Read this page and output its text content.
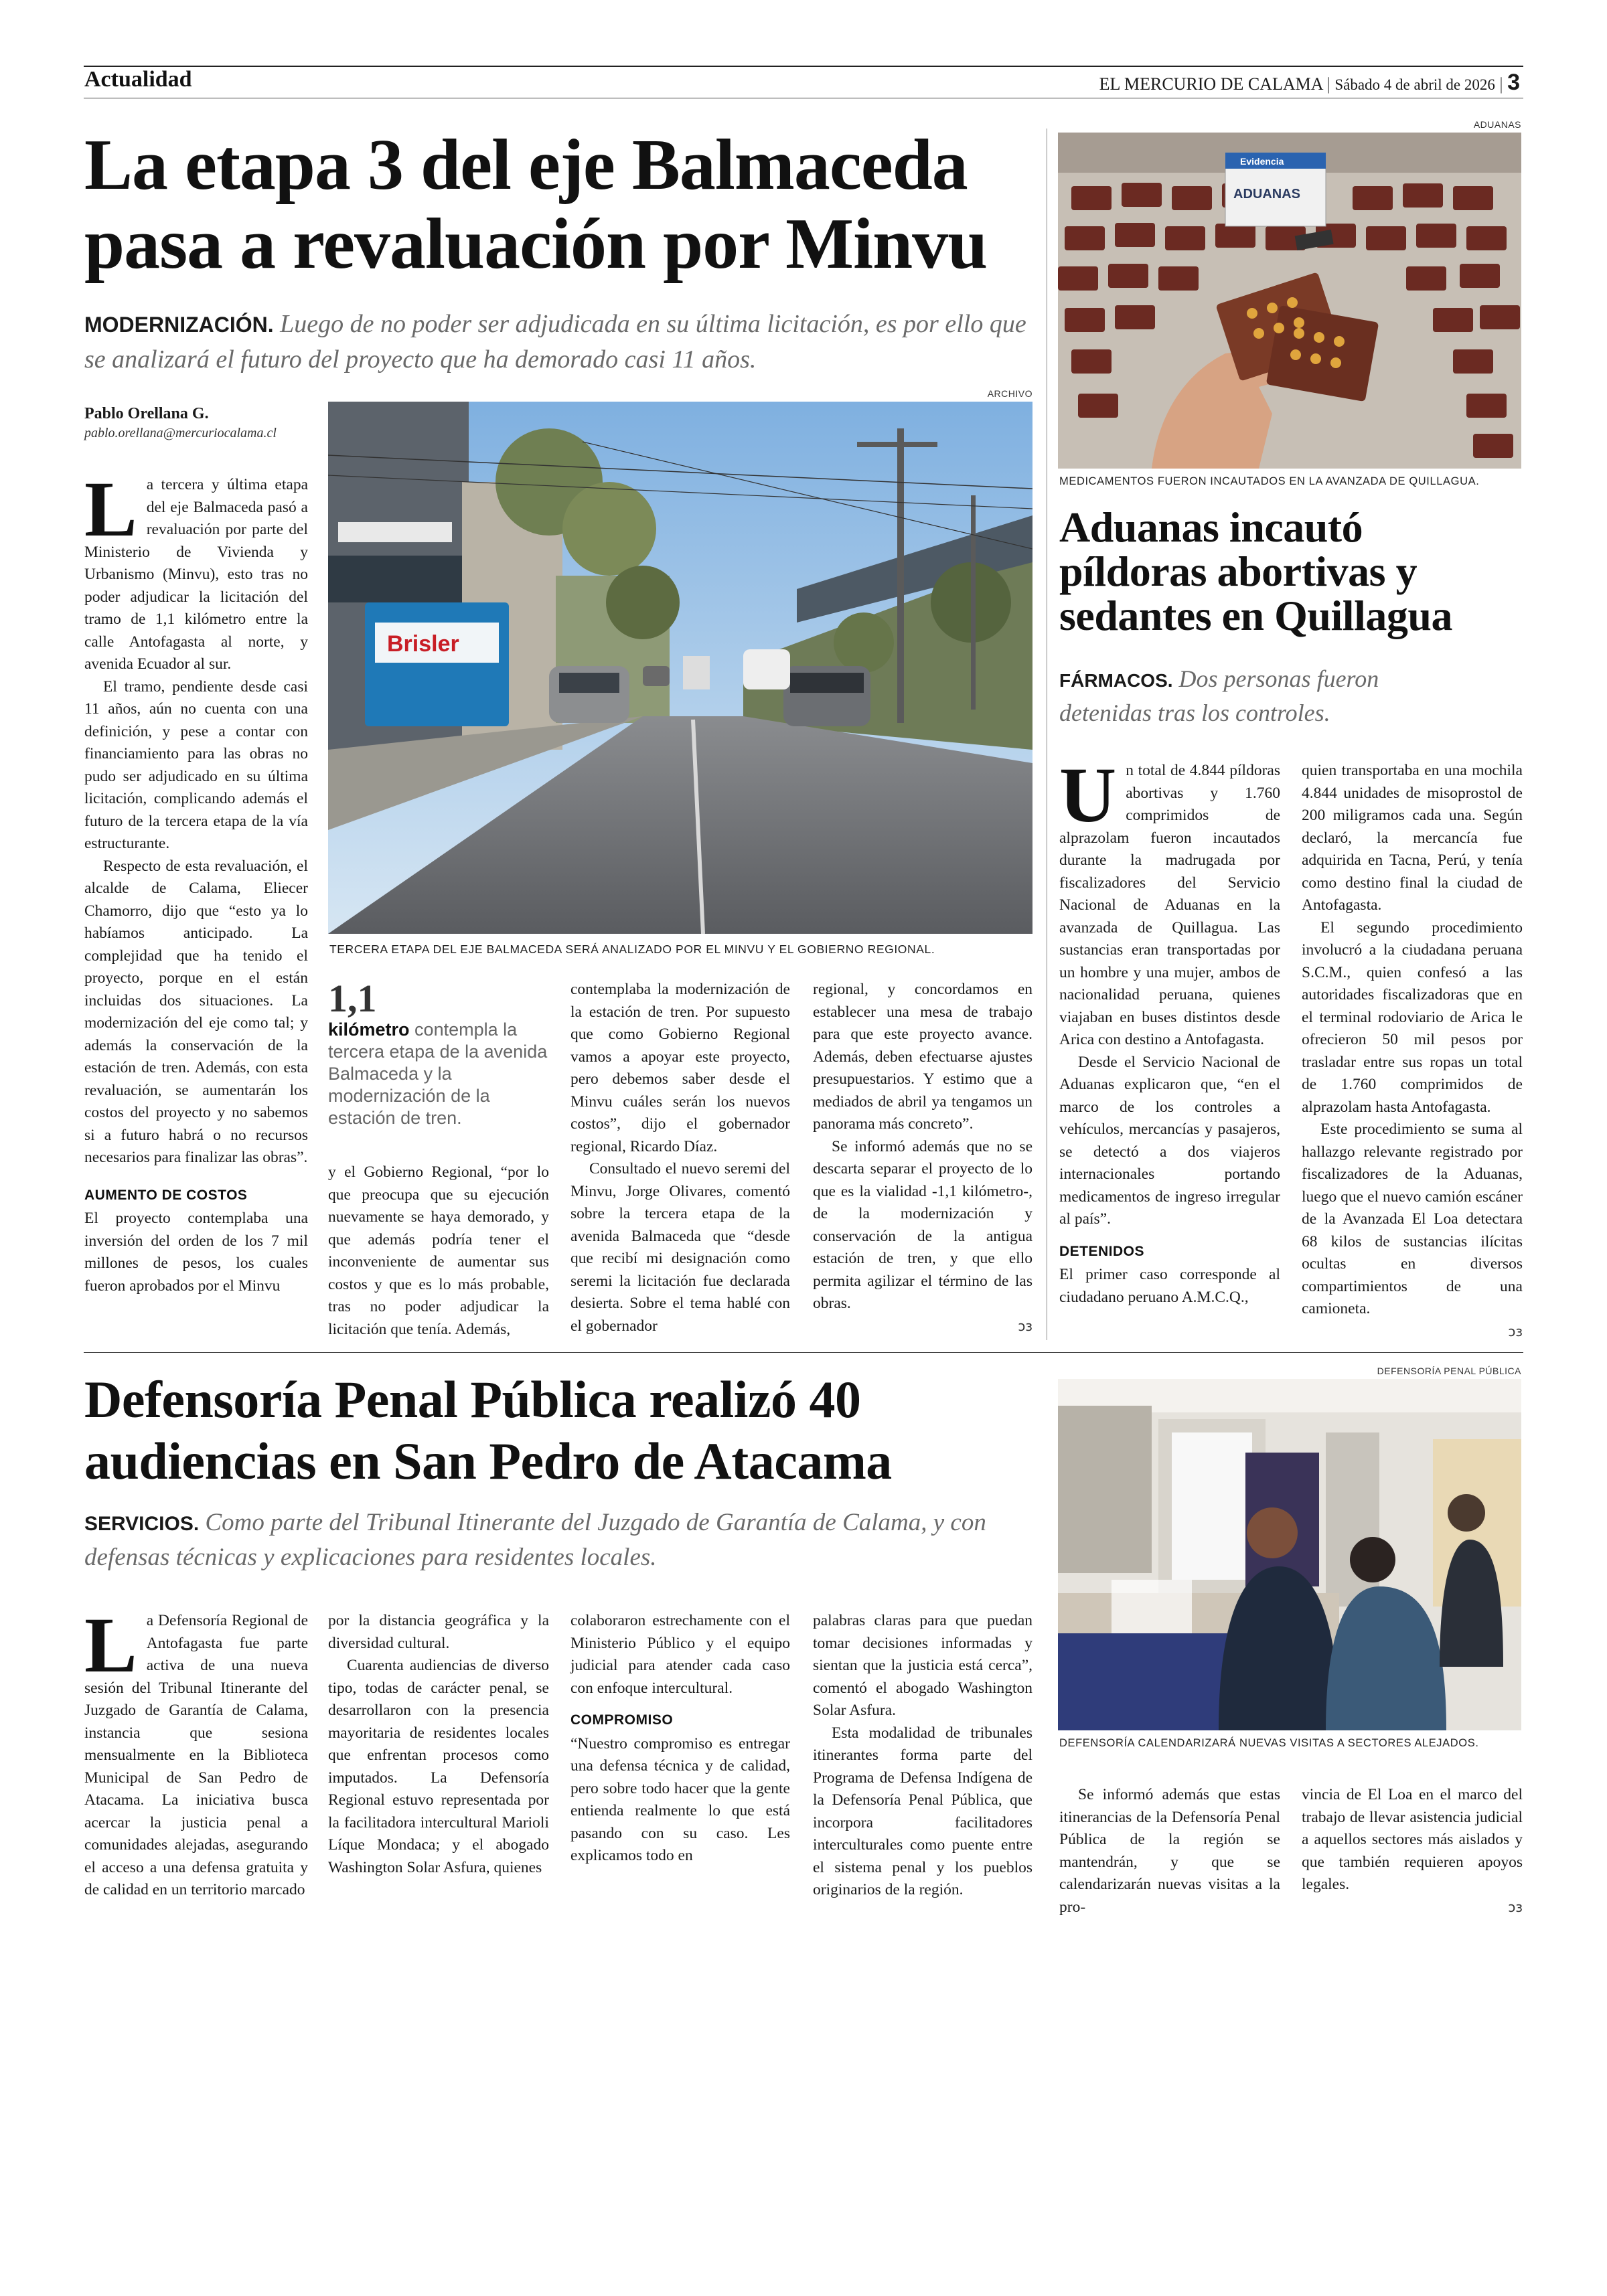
Actualidad	EL MERCURIO DE CALAMA | Sábado 4 de abril de 2026 | 3
La etapa 3 del eje Balmaceda
pasa a revaluación por Minvu
MODERNIZACIÓN. Luego de no poder ser adjudicada en su última licitación, es por ello que se analizará el futuro del proyecto que ha demorado casi 11 años.
Pablo Orellana G.
pablo.orellana@mercuriocalama.cl
ARCHIVO
Brisler
TERCERA ETAPA DEL EJE BALMACEDA SERÁ ANALIZADO POR EL MINVU Y EL GOBIERNO REGIONAL.

La tercera y última etapa del eje Balmaceda pasó a revaluación por parte del Ministerio de Vivienda y Urbanismo (Minvu), esto tras no poder adjudicar la licitación del tramo de 1,1 kilómetro entre la calle Antofagasta al norte, y avenida Ecuador al sur.

El tramo, pendiente desde casi 11 años, aún no cuenta con una definición, y pese a contar con financiamiento para las obras no pudo ser adjudicado en su última licitación, complicando además el futuro de la tercera etapa de la vía estructurante.

Respecto de esta revaluación, el alcalde de Calama, Eliecer Chamorro, dijo que “esto ya lo habíamos anticipado. La complejidad que ha tenido el proyecto, porque en el están incluidas dos situaciones. La modernización del eje como tal; y además la conservación de la estación de tren. Además, con esta revaluación, se aumentarán los costos del proyecto y no sabemos si a futuro habrá o no recursos necesarios para finalizar las obras”.

AUMENTO DE COSTOS

El proyecto contemplaba una inversión del orden de los 7 mil millones de pesos, los cuales fueron aprobados por el Minvu

1,1
kilómetro contempla la tercera etapa de la avenida Balmaceda y la modernización de la estación de tren.

y el Gobierno Regional, “por lo que preocupa que su ejecución nuevamente se haya demorado, y que además podría tener el inconveniente de aumentar sus costos y que es lo más probable, tras no poder adjudicar la licitación que tenía. Además,

contemplaba la modernización de la estación de tren. Por supuesto que como Gobierno Regional vamos a apoyar este proyecto, pero debemos saber desde el Minvu cuáles serán los nuevos costos”, dijo el gobernador regional, Ricardo Díaz.

Consultado el nuevo seremi del Minvu, Jorge Olivares, comentó sobre la tercera etapa de la avenida Balmaceda que “desde que recibí mi designación como seremi la licitación fue declarada desierta. Sobre el tema hablé con el gobernador

regional, y concordamos en establecer una mesa de trabajo para que este proyecto avance. Además, deben efectuarse ajustes presupuestarios. Y estimo que a mediados de abril ya tengamos un panorama más concreto”.

Se informó además que no se descarta separar el proyecto de lo que es la vialidad -1,1 kilómetro-, de la modernización y conservación de la antigua estación de tren, y que ello permita agilizar el término de las obras.

ↄз
ADUANAS
Evidencia
ADUANAS
MEDICAMENTOS FUERON INCAUTADOS EN LA AVANZADA DE QUILLAGUA.
Aduanas incautó
píldoras abortivas y
sedantes en Quillagua
FÁRMACOS. Dos personas fueron detenidas tras los controles.

Un total de 4.844 píldoras abortivas y 1.760 comprimidos de alprazolam fueron incautados durante la madrugada por fiscalizadores del Servicio Nacional de Aduanas en la avanzada de Quillagua. Las sustancias eran transportadas por un hombre y una mujer, ambos de nacionalidad peruana, quienes viajaban en buses distintos desde Arica con destino a Antofagasta.

Desde el Servicio Nacional de Aduanas explicaron que, “en el marco de los controles a vehículos, mercancías y pasajeros, se detectó a dos viajeros internacionales portando medicamentos de ingreso irregular al país”.

DETENIDOS

El primer caso corresponde al ciudadano peruano A.M.C.Q.,

quien transportaba en una mochila 4.844 unidades de misoprostol de 200 miligramos cada una. Según declaró, la mercancía fue adquirida en Tacna, Perú, y tenía como destino final la ciudad de Antofagasta.

El segundo procedimiento involucró a la ciudadana peruana S.C.M., quien confesó a las autoridades fiscalizadoras que en el terminal rodoviario de Arica le ofrecieron 50 mil pesos por trasladar entre sus ropas un total de 1.760 comprimidos de alprazolam hasta Antofagasta.

Este procedimiento se suma al hallazgo relevante registrado por fiscalizadores de la Aduanas, luego que el nuevo camión escáner de la Avanzada El Loa detectara 68 kilos de sustancias ilícitas ocultas en diversos compartimientos de una camioneta.

ↄз
Defensoría Penal Pública realizó 40
audiencias en San Pedro de Atacama
SERVICIOS. Como parte del Tribunal Itinerante del Juzgado de Garantía de Calama, y con defensas técnicas y explicaciones para residentes locales.
DEFENSORÍA PENAL PÚBLICA
DEFENSORÍA CALENDARIZARÁ NUEVAS VISITAS A SECTORES ALEJADOS.

La Defensoría Regional de Antofagasta fue parte activa de una nueva sesión del Tribunal Itinerante del Juzgado de Garantía de Calama, instancia que sesiona mensualmente en la Biblioteca Municipal de San Pedro de Atacama. La iniciativa busca acercar la justicia penal a comunidades alejadas, asegurando el acceso a una defensa gratuita y de calidad en un territorio marcado

por la distancia geográfica y la diversidad cultural.

Cuarenta audiencias de diverso tipo, todas de carácter penal, se desarrollaron con la presencia mayoritaria de residentes locales que enfrentan procesos como imputados. La Defensoría Regional estuvo representada por la facilitadora intercultural Marioli Líque Mondaca; y el abogado Washington Solar Asfura, quienes

colaboraron estrechamente con el Ministerio Público y el equipo judicial para atender cada caso con enfoque intercultural.

COMPROMISO

“Nuestro compromiso es entregar una defensa técnica y de calidad, pero sobre todo hacer que la gente entienda realmente lo que está pasando con su caso. Les explicamos todo en

palabras claras para que puedan tomar decisiones informadas y sientan que la justicia está cerca”, comentó el abogado Washington Solar Asfura.

Esta modalidad de tribunales itinerantes forma parte del Programa de Defensa Indígena de la Defensoría Penal Pública, que incorpora facilitadores interculturales como puente entre el sistema penal y los pueblos originarios de la región.

Se informó además que estas itinerancias de la Defensoría Penal Pública de la región se mantendrán, y que se calendarizarán nuevas visitas a la pro-

vincia de El Loa en el marco del trabajo de llevar asistencia judicial a aquellos sectores más aislados y que también requieren apoyos legales.

ↄз
